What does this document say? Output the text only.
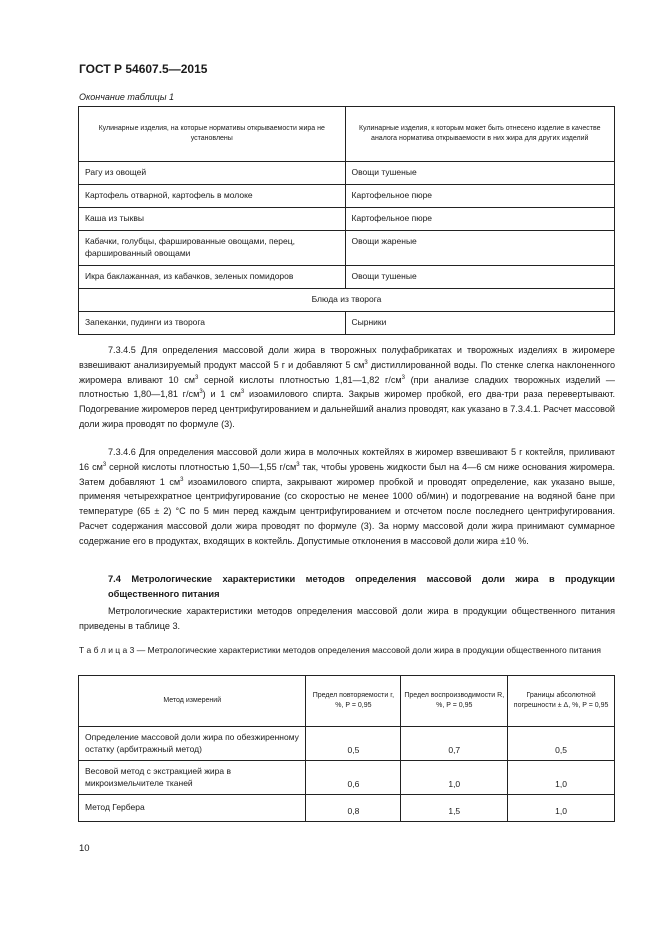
ГОСТ Р 54607.5—2015
Окончание таблицы 1
Кулинарные изделия, на которые нормативы открываемости жира не установлены	Кулинарные изделия, к которым может быть отнесено изделие в качестве аналога норматива открываемости в них жира для других изделий
Рагу из овощей	Овощи тушеные
Картофель отварной, картофель в молоке	Картофельное пюре
Каша из тыквы	Картофельное пюре
Кабачки, голубцы, фаршированные овощами, перец, фаршированный овощами	Овощи жареные
Икра баклажанная, из кабачков, зеленых помидоров	Овощи тушеные
Блюда из творога	
Запеканки, пудинги из творога	Сырники

7.3.4.5 Для определения массовой доли жира в творожных полуфабрикатах и творожных изделиях в жиромере взвешивают анализируемый продукт массой 5 г и добавляют 5 $см^3$ дистиллированной воды. По стенке слегка наклоненного жиромера вливают 10 $см^3$ серной кислоты плотностью 1,81—1,82 $г/см^3$ (при анализе сладких творожных изделий — плотностью 1,80—1,81 $г/см^3$) и 1 $см^3$ изоамилового спирта. Закрыв жиромер пробкой, его два-три раза перевертывают. Подогревание жиромеров перед центрифугированием и дальнейший анализ проводят, как указано в 7.3.4.1. Расчет массовой доли жира проводят по формуле (3).

7.3.4.6 Для определения массовой доли жира в молочных коктейлях в жиромер взвешивают 5 г коктейля, приливают 16 $см^3$ серной кислоты плотностью 1,50—1,55 $г/см^3$ так, чтобы уровень жидкости был на 4—6 см ниже основания жиромера. Затем добавляют 1 $см^3$ изоамилового спирта, закрывают жиромер пробкой и проводят определение, как указано выше, применяя четырехкратное центрифугирование (со скоростью не менее 1000 об/мин) и подогревание на водяной бане при температуре (65 ± 2) °С по 5 мин перед каждым центрифугированием и отсчетом после последнего центрифугирования. Расчет содержания массовой доли жира проводят по формуле (3). За норму массовой доли жира принимают суммарное содержание его в продуктах, входящих в коктейль. Допустимые отклонения в массовой доли жира ±10 %.

7.4 Метрологические характеристики методов определения массовой доли жира в продукции общественного питания

Метрологические характеристики методов определения массовой доли жира в продукции общественного питания приведены в таблице 3.

Т а б л и ц а 3 — Метрологические характеристики методов определения массовой доли жира в продукции общественного питания

Метод измерений	Предел повторяемости r, %, P = 0,95	Предел воспроизводимости R, %, P = 0,95	Границы абсолютной погрешности ± Δ, %, P = 0,95
Определение массовой доли жира по обезжиренному остатку (арбитражный метод)	0,5	0,7	0,5
Весовой метод с экстракцией жира в микроизмельчителе тканей	0,6	1,0	1,0
Метод Гербера	0,8	1,5	1,0
10
